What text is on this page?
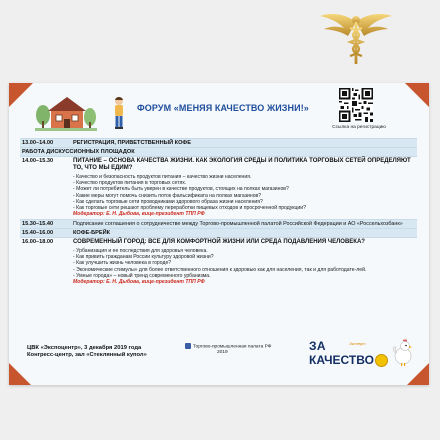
ФОРУМ «МЕНЯЯ КАЧЕСТВО ЖИЗНИ!»
Ссылка на регистрацию
13.00–14.00	РЕГИСТРАЦИЯ, ПРИВЕТСТВЕННЫЙ КОФЕ
РАБОТА ДИСКУССИОННЫХ ПЛОЩАДОК
14.00–15.30	ПИТАНИЕ – ОСНОВА КАЧЕСТВА ЖИЗНИ. КАК ЭКОЛОГИЯ СРЕДЫ И ПОЛИТИКА ТОРГОВЫХ СЕТЕЙ ОПРЕДЕЛЯЮТ ТО, ЧТО МЫ ЕДИМ?
- Качество и безопасность продуктов питания – качество жизни населения.
- Качество продуктов питания в торговых сетях.
- Может ли потребитель быть уверен в качестве продуктов, стоящих на полках магазинов?
- Какие меры могут помочь снизить поток фальсификата на полках магазинов?
- Как сделать торговые сети проводниками здорового образа жизни населения?
- Как торговые сети решают проблему переработки пищевых отходов и просроченной продукции?
Модератор: Е. Н. Дыбова, вице-президент ТПП РФ
15.30–15.40	Подписание соглашения о сотрудничестве между Торгово-промышленной палатой Российской Федерации и АО «Россельхозбанк»
15.40–16.00	КОФЕ-БРЕЙК
16.00–18.00	СОВРЕМЕННЫЙ ГОРОД: ВСЕ ДЛЯ КОМФОРТНОЙ ЖИЗНИ ИЛИ СРЕДА ПОДАВЛЕНИЯ ЧЕЛОВЕКА?
- Урбанизация и ее последствия для здоровья человека.
- Как привить гражданам России культуру здоровой жизни?
- Как улучшить жизнь человека в городе?
- Экономические стимулы» для более ответственного отношения к здоровью как для населения, так и для работодате-лей.
- Умные города» – новый тренд современного урбанизма.
Модератор: Е. Н. Дыбова, вице-президент ТПП РФ
ЦВК «Экспоцентр», 3 декабря 2019 года
Конгресс-центр, зал «Стеклянный купол»
Торгово-промышленная палата РФ
2019	ЗА	Эксперт
КАЧЕСТВО
